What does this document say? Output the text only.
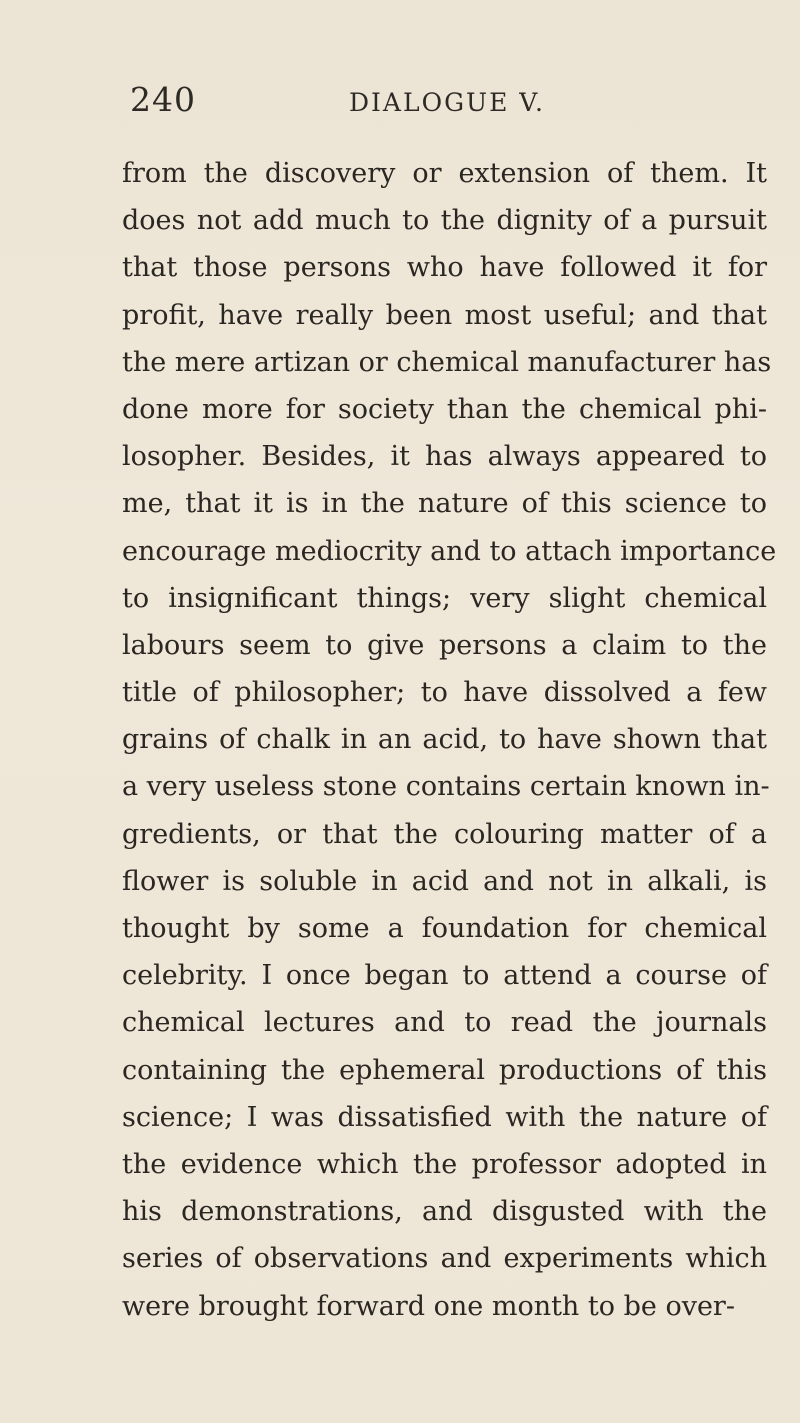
240	DIALOGUE V.
from the discovery or extension of them. It
does not add much to the dignity of a pursuit
that those persons who have followed it for
profit, have really been most useful; and that
the mere artizan or chemical manufacturer has
done more for society than the chemical phi-
losopher. Besides, it has always appeared to
me, that it is in the nature of this science to
encourage mediocrity and to attach importance
to insignificant things; very slight chemical
labours seem to give persons a claim to the
title of philosopher; to have dissolved a few
grains of chalk in an acid, to have shown that
a very useless stone contains certain known in-
gredients, or that the colouring matter of a
flower is soluble in acid and not in alkali, is
thought by some a foundation for chemical
celebrity. I once began to attend a course of
chemical lectures and to read the journals
containing the ephemeral productions of this
science; I was dissatisfied with the nature of
the evidence which the professor adopted in
his demonstrations, and disgusted with the
series of observations and experiments which
were brought forward one month to be over-
